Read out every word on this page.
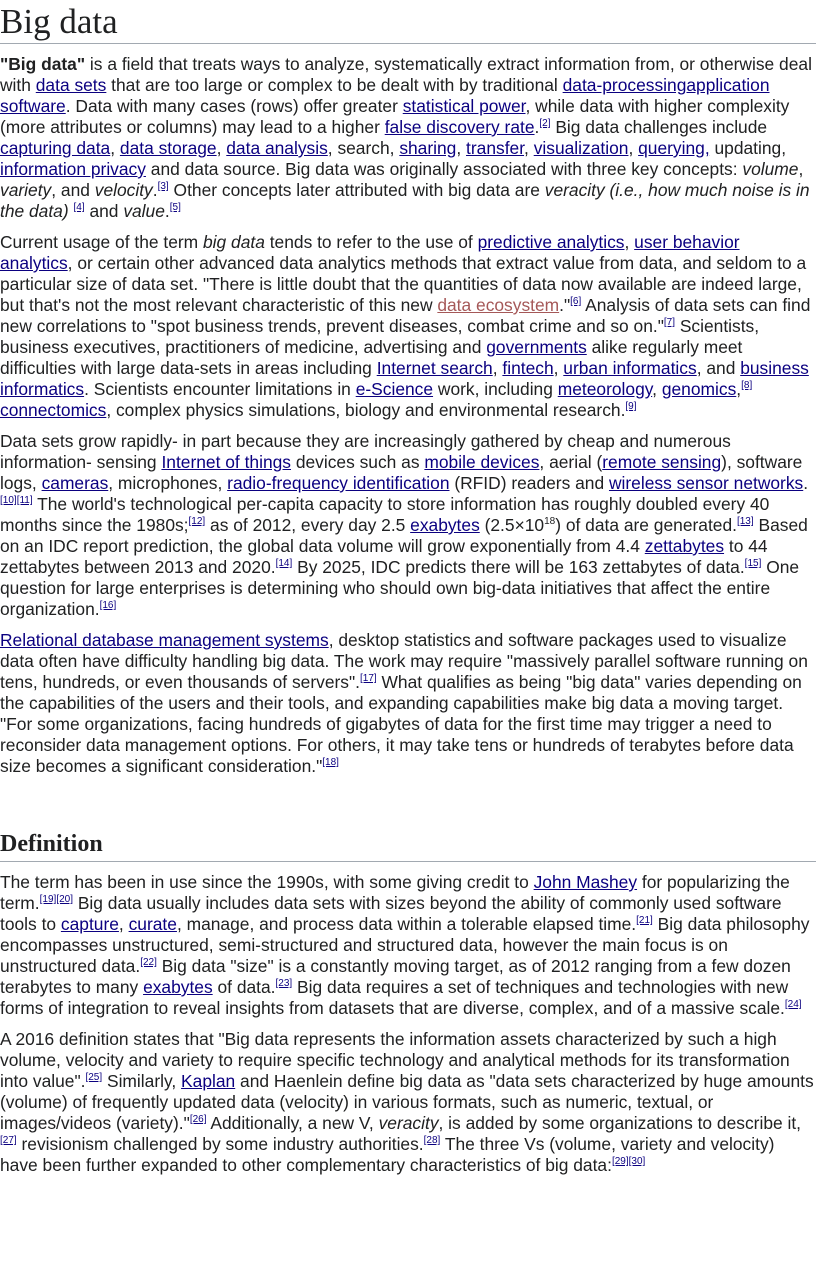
Big data

"Big data" is a field that treats ways to analyze, systematically extract information from, or otherwise deal with data sets that are too large or complex to be dealt with by traditional data-processingapplication software. Data with many cases (rows) offer greater statistical power, while data with higher complexity (more attributes or columns) may lead to a higher false discovery rate.[2] Big data challenges include capturing data, data storage, data analysis, search, sharing, transfer, visualization, querying, updating, information privacy and data source. Big data was originally associated with three key concepts: volume, variety, and velocity.[3] Other concepts later attributed with big data are veracity (i.e., how much noise is in the data) [4] and value.[5]

Current usage of the term big data tends to refer to the use of predictive analytics, user behavior analytics, or certain other advanced data analytics methods that extract value from data, and seldom to a particular size of data set. "There is little doubt that the quantities of data now available are indeed large, but that's not the most relevant characteristic of this new data ecosystem."[6] Analysis of data sets can find new correlations to "spot business trends, prevent diseases, combat crime and so on."[7] Scientists, business executives, practitioners of medicine, advertising and governments alike regularly meet difficulties with large data-sets in areas including Internet search, fintech, urban informatics, and business informatics. Scientists encounter limitations in e-Science work, including meteorology, genomics,[8] connectomics, complex physics simulations, biology and environmental research.[9]

Data sets grow rapidly- in part because they are increasingly gathered by cheap and numerous information- sensing Internet of things devices such as mobile devices, aerial (remote sensing), software logs, cameras, microphones, radio-frequency identification (RFID) readers and wireless sensor networks.[10][11] The world's technological per-capita capacity to store information has roughly doubled every 40 months since the 1980s;[12] as of 2012, every day 2.5 exabytes $(2.5\times 10^{18})$ of data are generated.[13] Based on an IDC report prediction, the global data volume will grow exponentially from 4.4 zettabytes to 44 zettabytes between 2013 and 2020.[14] By 2025, IDC predicts there will be 163 zettabytes of data.[15] One question for large enterprises is determining who should own big-data initiatives that affect the entire organization.[16]

Relational database management systems, desktop statistics and software packages used to visualize data often have difficulty handling big data. The work may require "massively parallel software running on tens, hundreds, or even thousands of servers".[17] What qualifies as being "big data" varies depending on the capabilities of the users and their tools, and expanding capabilities make big data a moving target. "For some organizations, facing hundreds of gigabytes of data for the first time may trigger a need to reconsider data management options. For others, it may take tens or hundreds of terabytes before data size becomes a significant consideration."[18]

Definition

The term has been in use since the 1990s, with some giving credit to John Mashey for popularizing the term.[19][20] Big data usually includes data sets with sizes beyond the ability of commonly used software tools to capture, curate, manage, and process data within a tolerable elapsed time.[21] Big data philosophy encompasses unstructured, semi-structured and structured data, however the main focus is on unstructured data.[22] Big data "size" is a constantly moving target, as of 2012 ranging from a few dozen terabytes to many exabytes of data.[23] Big data requires a set of techniques and technologies with new forms of integration to reveal insights from datasets that are diverse, complex, and of a massive scale.[24]

A 2016 definition states that "Big data represents the information assets characterized by such a high volume, velocity and variety to require specific technology and analytical methods for its transformation into value".[25] Similarly, Kaplan and Haenlein define big data as "data sets characterized by huge amounts (volume) of frequently updated data (velocity) in various formats, such as numeric, textual, or images/videos (variety)."[26] Additionally, a new V, veracity, is added by some organizations to describe it,[27] revisionism challenged by some industry authorities.[28] The three Vs (volume, variety and velocity) have been further expanded to other complementary characteristics of big data:[29][30]
